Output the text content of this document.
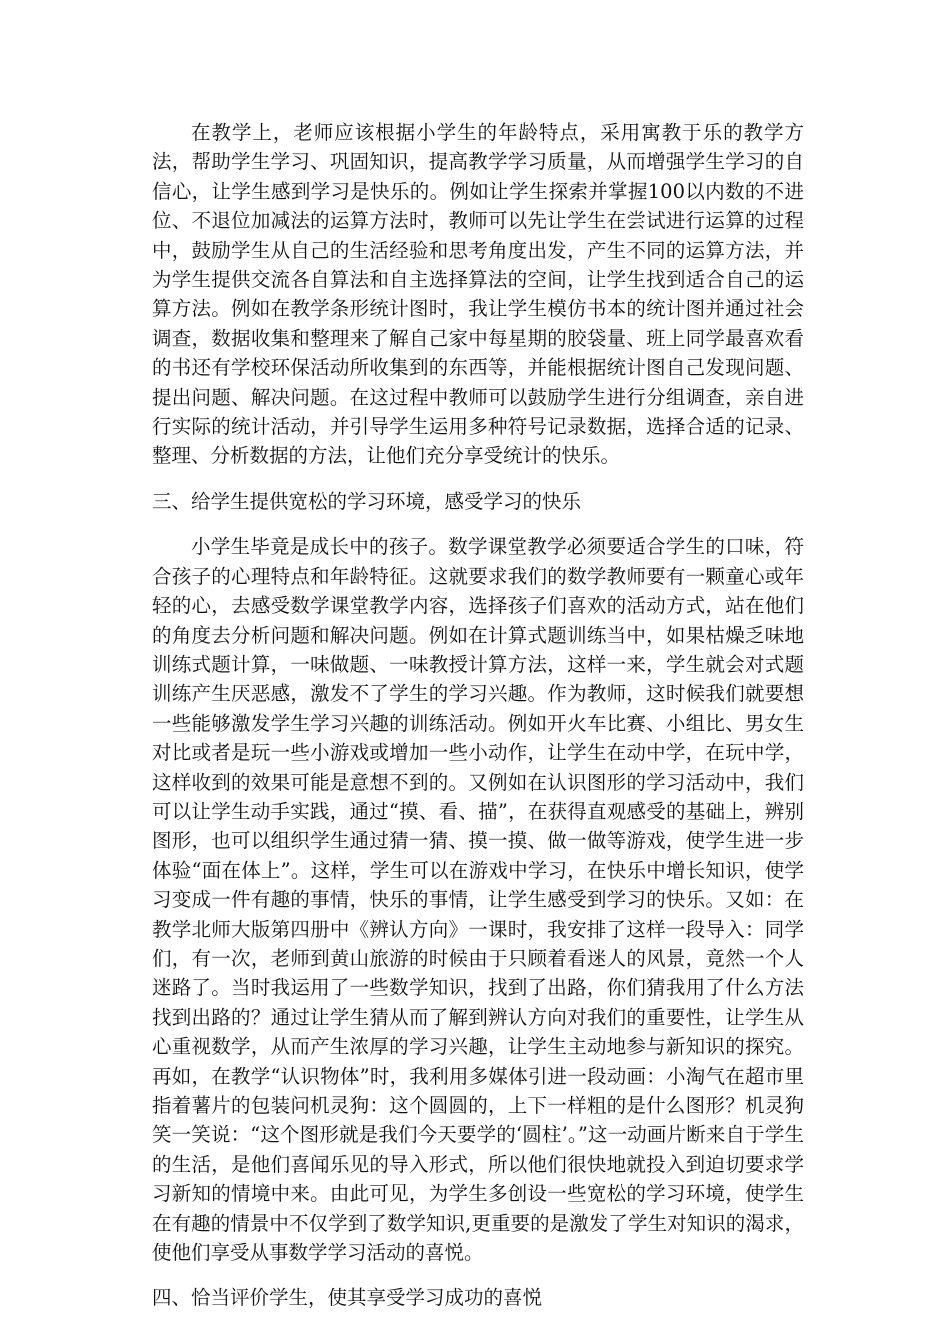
在教学上，老师应该根据小学生的年龄特点，采用寓教于乐的教学方法，帮助学生学习、巩固知识，提高教学学习质量，从而增强学生学习的自信心，让学生感到学习是快乐的。例如让学生探索并掌握100以内数的不进位、不退位加减法的运算方法时，教师可以先让学生在尝试进行运算的过程中，鼓励学生从自己的生活经验和思考角度出发，产生不同的运算方法，并为学生提供交流各自算法和自主选择算法的空间，让学生找到适合自己的运算方法。例如在教学条形统计图时，我让学生模仿书本的统计图并通过社会调查，数据收集和整理来了解自己家中每星期的胶袋量、班上同学最喜欢看的书还有学校环保活动所收集到的东西等，并能根据统计图自己发现问题、提出问题、解决问题。在这过程中教师可以鼓励学生进行分组调查，亲自进行实际的统计活动，并引导学生运用多种符号记录数据，选择合适的记录、整理、分析数据的方法，让他们充分享受统计的快乐。

三、给学生提供宽松的学习环境，感受学习的快乐

小学生毕竟是成长中的孩子。数学课堂教学必须要适合学生的口味，符合孩子的心理特点和年龄特征。这就要求我们的数学教师要有一颗童心或年轻的心，去感受数学课堂教学内容，选择孩子们喜欢的活动方式，站在他们的角度去分析问题和解决问题。例如在计算式题训练当中，如果枯燥乏味地训练式题计算，一味做题、一味教授计算方法，这样一来，学生就会对式题训练产生厌恶感，激发不了学生的学习兴趣。作为教师，这时候我们就要想一些能够激发学生学习兴趣的训练活动。例如开火车比赛、小组比、男女生对比或者是玩一些小游戏或增加一些小动作，让学生在动中学，在玩中学，这样收到的效果可能是意想不到的。又例如在认识图形的学习活动中，我们可以让学生动手实践，通过“摸、看、描”，在获得直观感受的基础上，辨别图形，也可以组织学生通过猜一猜、摸一摸、做一做等游戏，使学生进一步体验“面在体上”。这样，学生可以在游戏中学习，在快乐中增长知识，使学习变成一件有趣的事情，快乐的事情，让学生感受到学习的快乐。又如：在教学北师大版第四册中《辨认方向》一课时，我安排了这样一段导入：同学们，有一次，老师到黄山旅游的时候由于只顾着看迷人的风景，竟然一个人迷路了。当时我运用了一些数学知识，找到了出路，你们猜我用了什么方法找到出路的？通过让学生猜从而了解到辨认方向对我们的重要性，让学生从心重视数学，从而产生浓厚的学习兴趣，让学生主动地参与新知识的探究。再如，在教学“认识物体”时，我利用多媒体引进一段动画：小淘气在超市里指着薯片的包装问机灵狗：这个圆圆的，上下一样粗的是什么图形？机灵狗笑一笑说：“这个图形就是我们今天要学的‘圆柱’。”这一动画片断来自于学生的生活，是他们喜闻乐见的导入形式，所以他们很快地就投入到迫切要求学习新知的情境中来。由此可见，为学生多创设一些宽松的学习环境，使学生在有趣的情景中不仅学到了数学知识,更重要的是激发了学生对知识的渴求，使他们享受从事数学学习活动的喜悦。

四、恰当评价学生，使其享受学习成功的喜悦
